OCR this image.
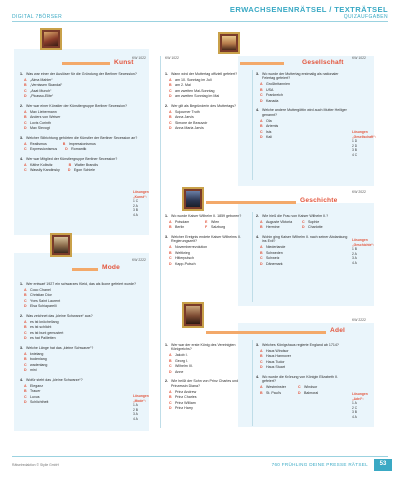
ERWACHSENENRÄTSEL / TEXTRÄTSEL
DIGITAL 7BÖRSER	QUIZAUFGABEN
Kunst
1. Was war einer der Auslöser für die Gründung der Berliner Secession?
A „Alma Mahler“
B „Vernissen Skandal“
C „Asat Munch“
D „Picasso-Elite“
2. Wer war einer Künstler der Künstlergruppe Berliner Secession?
A Max Liebermann
B Anders von Weiser
C Lovis Corinth
D Max Slevogt
3. Welcher Stilrichtung gehörten die Künstler der Berliner Secession an?
A Realismus	B Impressionismus
C Expressionismus D Romantik
4. Wer war Mitglied der Künstlergruppe Berliner Secession?
A Käthe Kollwitz	B Walter Brandis
C Wassily Kandinsky D Egon Schiele
KW 1022
Lösungen „Kunst“:
1 C
2 A
3 B
4 A
KW 1022	KW 1022
Gesellschaft
1. Wann wird der Muttertag offiziell gefeiert?
A am 10. Sonntag im Juli
B am 2. Mai
C am zweiten Mai-Sonntag
D am zweiten Sonntag im Mai
2. Wer gilt als Begründerin des Muttertags?
A Sojourner Truth
B Anna Jarvis
C Simone de Beauvoir
D Anna Maria Jarvis
3. Wo wurde der Muttertag erstmalig als nationaler Feiertag gefeiert?
A Großbritannien
B USA
C Frankreich
D Kanada
4. Welche andere Muttergöttin wird auch Mutter Heiliger genannt?
A Ola
B Artemis
C Isis
D Kali
Lösungen „Gesellschaft“:
1 D
2 D
3 B
4 C
Geschichte
KW 2022
1. Wo wurde Kaiser Wilhelm II. 1859 geboren?
A Potsdam	E Wien
B Berlin	F	Salzburg
3. Welcher Ereignis endete Kaiser Wilhelms II. Regierungszeit?
A Novemberrevolution
B Weltkrieg
C Hitlerputsch
D Kapp-Putsch
2. Wie hieß die Frau von Kaiser Wilhelm II.?
A Auguste Viktoria	C Sophie
B Hermine	D Charlotte
4. Wohin ging Kaiser Wilhelm II. nach seiner Abdankung ins Exil?
A Niederlande
B Schweden
C Schweiz
D Dänemark
Lösungen „Geschichte“:
1 B
2 A
3 A
4 A
Mode
KW 2222
1. Wer entwarf 1927 ein schwarzes Kleid, das als Ikone gefeiert wurde?
A Coco Chanel
B Christian Dior
C Yves Saint Laurent
D Elsa Schiaparelli
2. Was zeichnet das „kleine Schwarze“ aus?
A es ist knöchellang
B es ist schlicht
C es ist bunt gemustert
D es hat Pailletten
3. Welche Länge hat das „kleine Schwarze“?
A knielang
B bodenlang
C wadenlang
D mini
4. Wofür steht das „kleine Schwarze“?
A Eleganz
B Trauer
C Luxus
D Schlichtheit
Lösungen „Mode“:
1 A
2 B
3 A
4 A
Adel
KW 2222
1. Wer war der erste König des Vereinigten Königreichs?
A Jakob I.
B Georg I.
C Wilhelm III.
D Anne
2. Wie heißt der Sohn von Prinz Charles und Prinzessin Diana?
A Prinz Andrew
B Prinz Charles
C Prinz William
D Prinz Harry
3. Welches Königshaus regierte England ab 1714?
A Haus Windsor
B Haus Hannover
C Haus Tudor
D Haus Stuart
4. Wo wurde die Krönung von Königin Elizabeth II. gefeiert?
A Westminster	C Windsor
B St. Paul's	D Balmoral	Lösungen „Adel“:
1 A
2 C
3 B
4 A
Rätselredaktion © Stylie GmbH	760 FRÜHLING DEINE PRESSE RÄTSEL	53
